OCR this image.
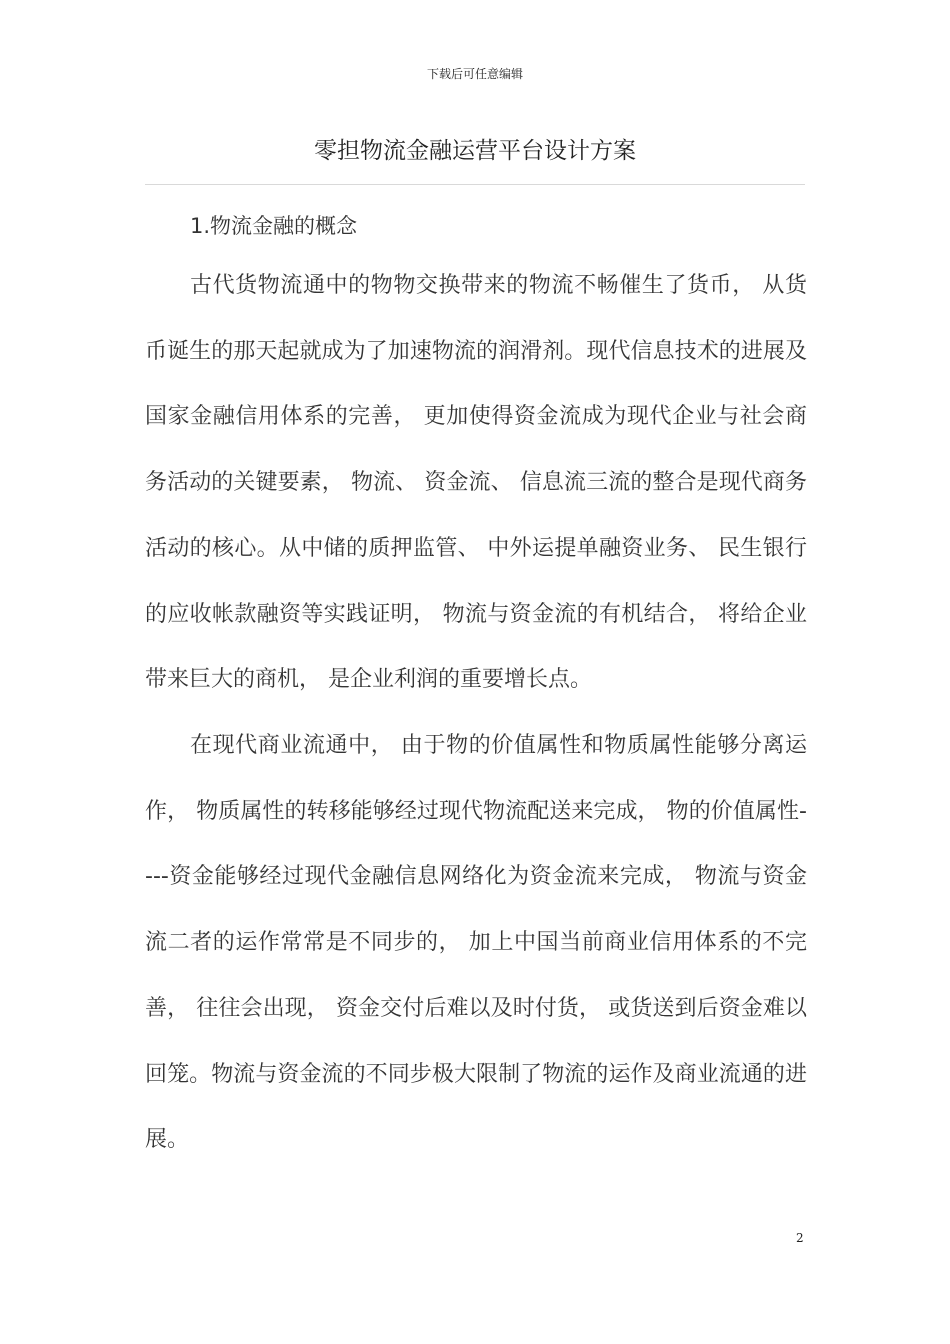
下载后可任意编辑
零担物流金融运营平台设计方案
1.物流金融的概念

古代货物流通中的物物交换带来的物流不畅催生了货币， 从货币诞生的那天起就成为了加速物流的润滑剂。现代信息技术的进展及国家金融信用体系的完善， 更加使得资金流成为现代企业与社会商务活动的关键要素， 物流、 资金流、 信息流三流的整合是现代商务活动的核心。从中储的质押监管、 中外运提单融资业务、 民生银行的应收帐款融资等实践证明， 物流与资金流的有机结合， 将给企业带来巨大的商机， 是企业利润的重要增长点。

在现代商业流通中， 由于物的价值属性和物质属性能够分离运作， 物质属性的转移能够经过现代物流配送来完成， 物的价值属性----资金能够经过现代金融信息网络化为资金流来完成， 物流与资金流二者的运作常常是不同步的， 加上中国当前商业信用体系的不完善， 往往会出现， 资金交付后难以及时付货， 或货送到后资金难以回笼。物流与资金流的不同步极大限制了物流的运作及商业流通的进展。

2
